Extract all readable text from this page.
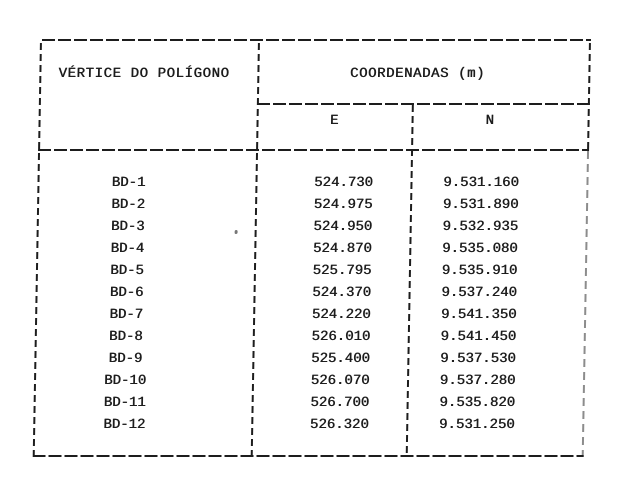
VÉRTICE DO POLÍGONO	COORDENADAS (m)
E	N
BD-1
BD-2
BD-3
BD-4
BD-5
BD-6
BD-7
BD-8
BD-9
BD-10
BD-11
BD-12
524.730
524.975
524.950
524.870
525.795
524.370
524.220
526.010
525.400
526.070
526.700
526.320
9.531.160
9.531.890
9.532.935
9.535.080
9.535.910
9.537.240
9.541.350
9.541.450
9.537.530
9.537.280
9.535.820
9.531.250
